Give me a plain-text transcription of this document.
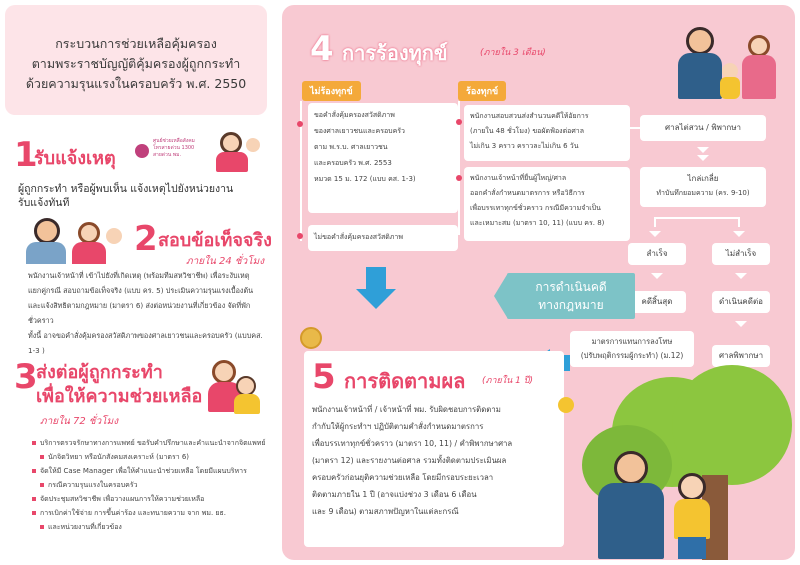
กระบวนการช่วยเหลือคุ้มครอง
ตามพระราชบัญญัติคุ้มครองผู้ถูกกระทำ
ด้วยความรุนแรงในครอบครัว พ.ศ. 2550
1
รับแจ้งเหตุ
ศูนย์ช่วยเหลือสังคม
โทรสายด่วน 1300
สายด่วน พม.
ผู้ถูกกระทำ หรือผู้พบเห็น แจ้งเหตุไปยังหน่วยงาน รับแจ้งทันที
2 สอบข้อเท็จจริง
ภายใน 24 ชั่วโมง
พนักงานเจ้าหน้าที่ เข้าไปยังที่เกิดเหตุ (พร้อมทีมสหวิชาชีพ) เพื่อระงับเหตุ
แยกคู่กรณี สอบถามข้อเท็จจริง (แบบ คร. 5) ประเมินความรุนแรงเบื้องต้น
และแจ้งสิทธิตามกฎหมาย (มาตรา 6) ส่งต่อหน่วยงานที่เกี่ยวข้อง จัดที่พักชั่วคราว
ทั้งนี้ อาจขอคำสั่งคุ้มครองสวัสดิภาพของศาลเยาวชนและครอบครัว (แบบคส. 1-3 )
3
ส่งต่อผู้ถูกกระทำ
เพื่อให้ความช่วยเหลือ
ภายใน 72 ชั่วโมง
บริการตรวจรักษาทางการแพทย์ ขอรับคำปรึกษาและคำแนะนำจากจิตแพทย์
นักจิตวิทยา หรือนักสังคมสงเคราะห์ (มาตรา 6)
จัดให้มี Case Manager เพื่อให้คำแนะนำช่วยเหลือ โดยมีแผนบริหาร
กรณีความรุนแรงในครอบครัว
จัดประชุมสหวิชาชีพ เพื่อวางแผนการให้ความช่วยเหลือ
การเบิกค่าใช้จ่าย การขึ้นค่าร้อง และทนายความ จาก พม. ยธ.
และหน่วยงานที่เกี่ยวข้อง
4 การร้องทุกข์	(ภายใน 3 เดือน)
ไม่ร้องทุกข์	ร้องทุกข์
ขอคำสั่งคุ้มครองสวัสดิภาพ
ของศาลเยาวชนและครอบครัว
ตาม พ.ร.บ. ศาลเยาวชน
และครอบครัว พ.ศ. 2553
หมวด 15 ม. 172 (แบบ คส. 1-3)
ไม่ขอคำสั่งคุ้มครองสวัสดิภาพ
พนักงานสอบสวนส่งสำนวนคดีให้อัยการ
(ภายใน 48 ชั่วโมง) ขอผัดฟ้องต่อศาล
ไม่เกิน 3 คราว คราวละไม่เกิน 6 วัน
พนักงานเจ้าหน้าที่ยื่นผู้ใหญ่/ศาล
ออกคำสั่งกำหนดมาตรการ หรือวิธีการ
เพื่อบรรเทาทุกข์ชั่วคราว กรณีมีความจำเป็น
และเหมาะสม (มาตรา 10, 11) (แบบ คร. 8)
ศาลไต่สวน / พิพากษา
ไกล่เกลี่ย
ทำบันทึกยอมความ (คร. 9-10)
สำเร็จ	ไม่สำเร็จ
คดีสิ้นสุด	ดำเนินคดีต่อ
ศาลพิพากษา
การดำเนินคดี
ทางกฎหมาย
มาตรการแทนการลงโทษ
(ปรับพฤติกรรมผู้กระทำ) (ม.12)
5 การติดตามผล (ภายใน 1 ปี)
พนักงานเจ้าหน้าที่ / เจ้าหน้าที่ พม. รับผิดชอบการติดตาม
กำกับให้ผู้กระทำฯ ปฏิบัติตามคำสั่งกำหนดมาตรการ
เพื่อบรรเทาทุกข์ชั่วคราว (มาตรา 10, 11) / คำพิพากษาศาล
(มาตรา 12) และรายงานต่อศาล รวมทั้งติดตามประเมินผล
ครอบครัวก่อนยุติความช่วยเหลือ โดยมีกรอบระยะเวลา
ติดตามภายใน 1 ปี (อาจแบ่งช่วง 3 เดือน 6 เดือน
และ 9 เดือน) ตามสภาพปัญหาในแต่ละกรณี
